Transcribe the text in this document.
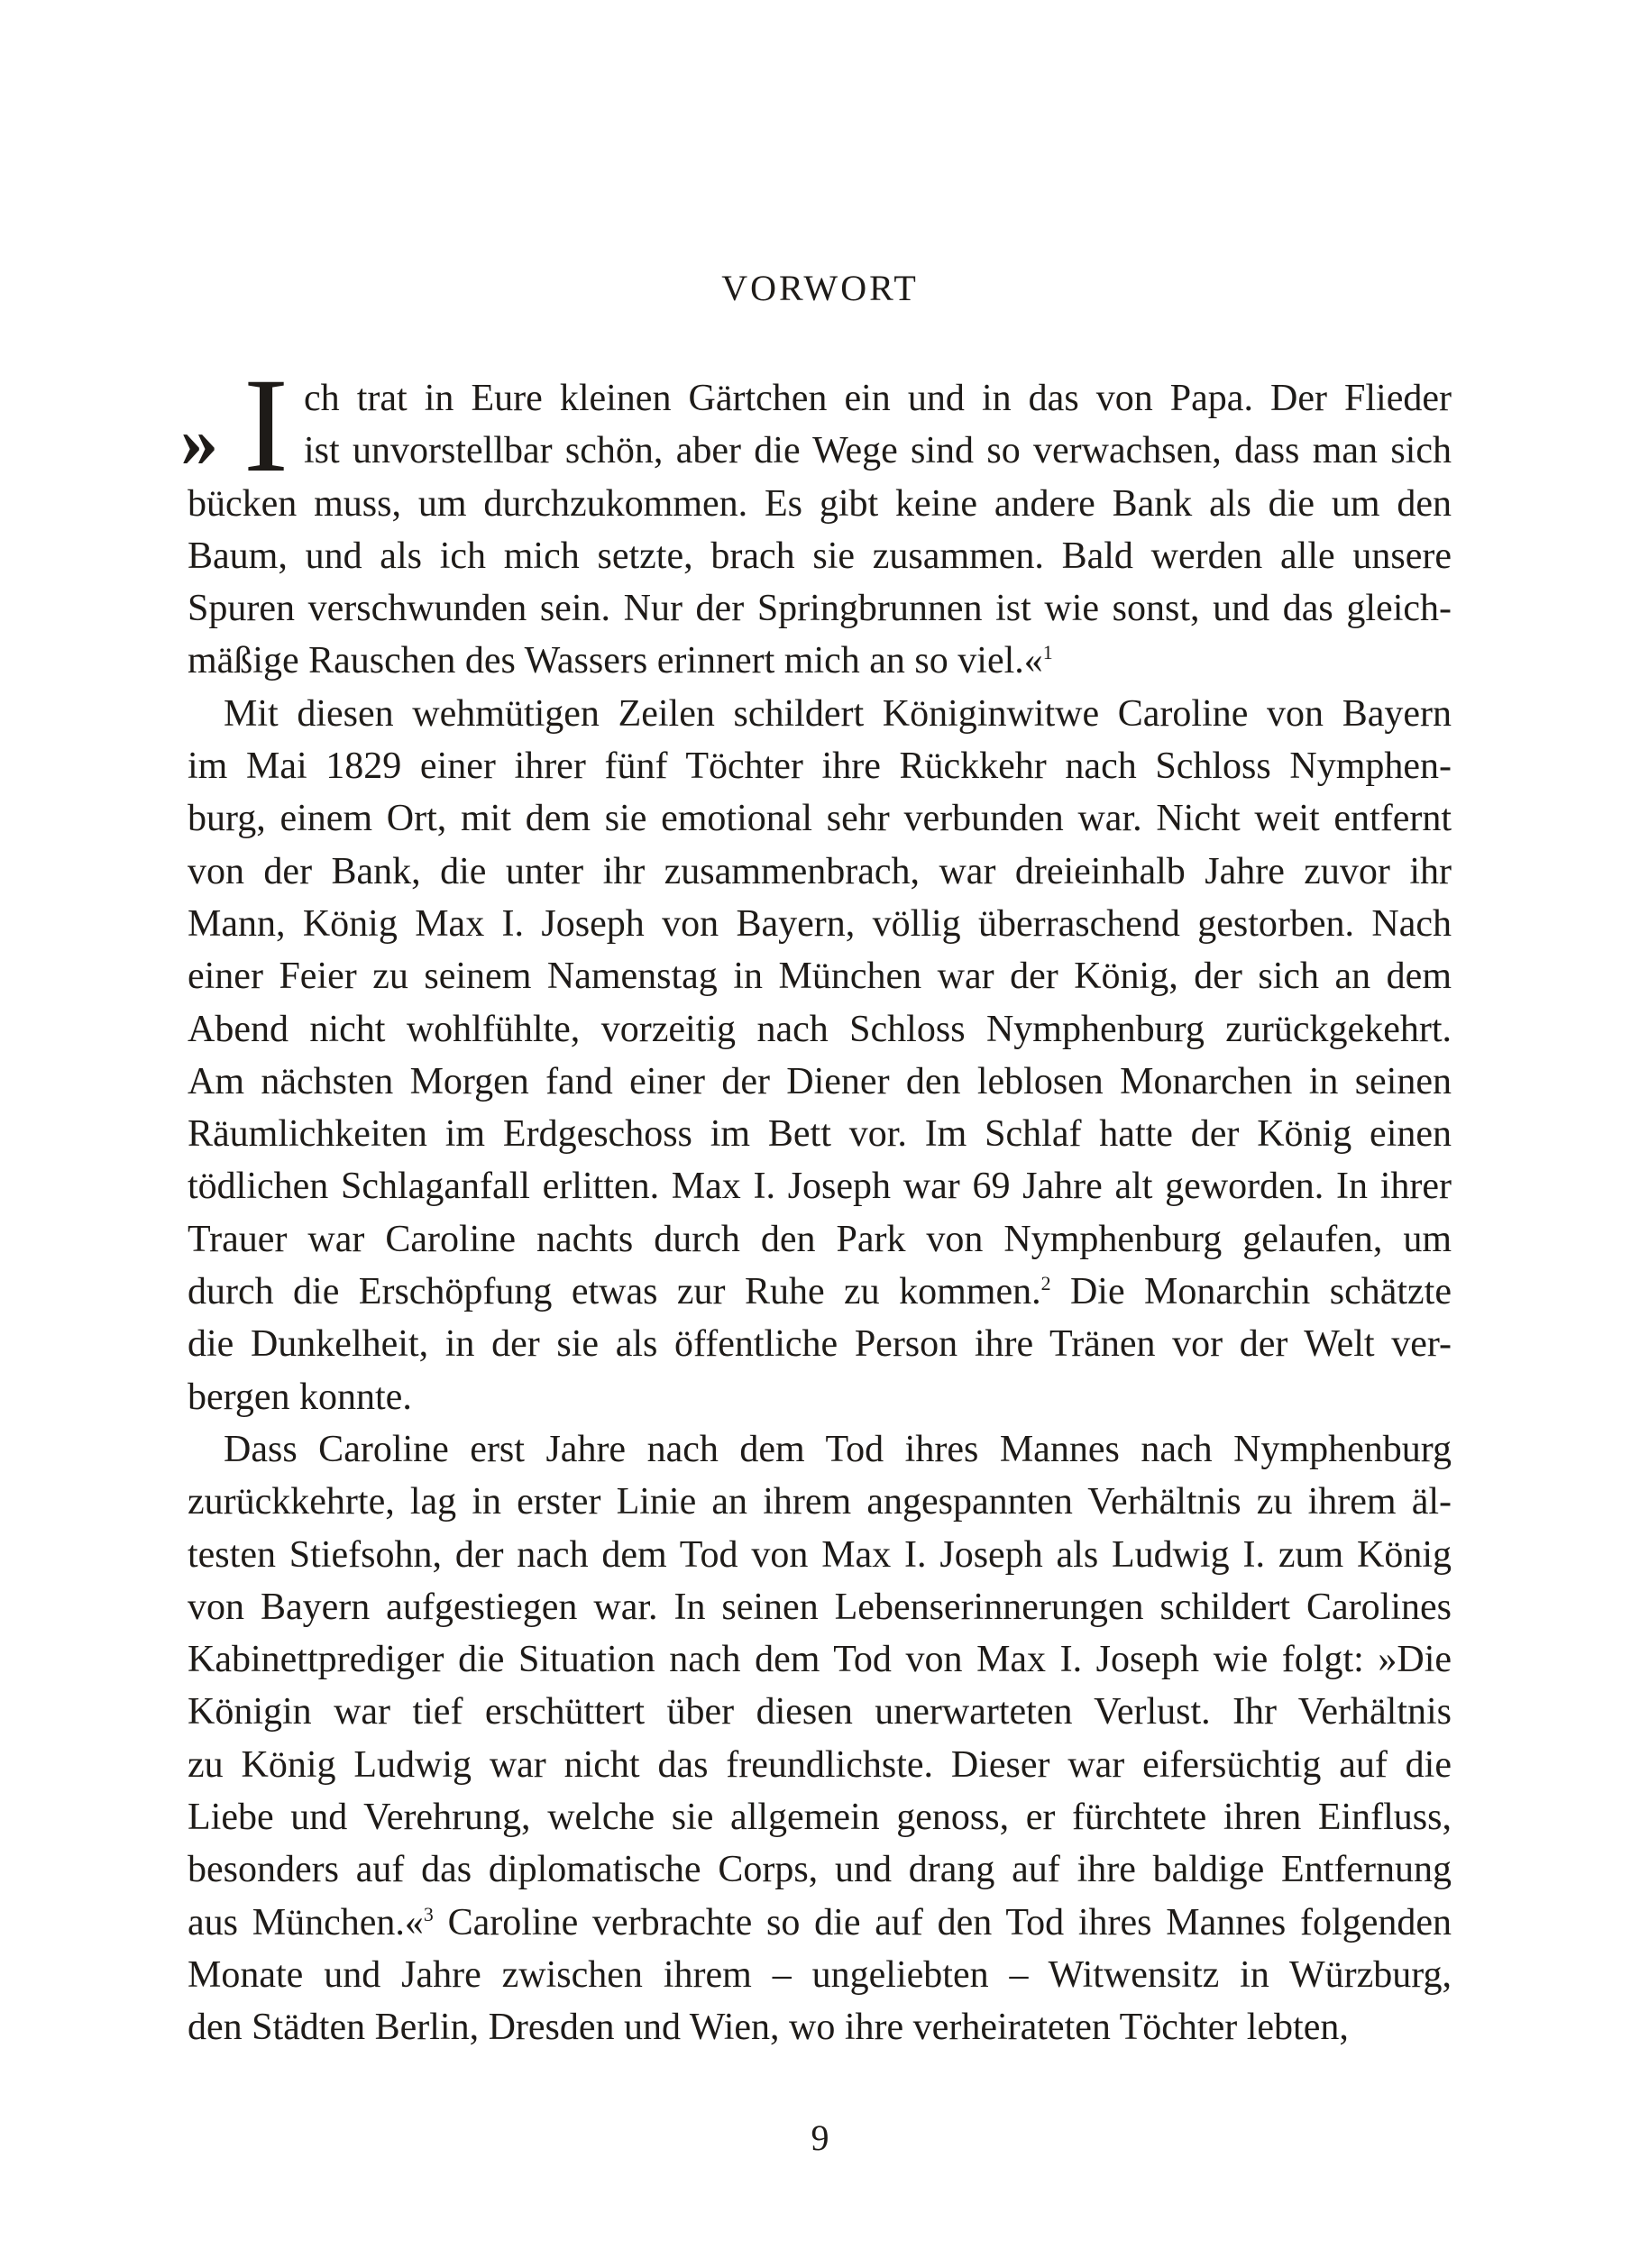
VORWORT
» I ch trat in Eure kleinen Gärtchen ein und in das von Papa. Der Flieder
ist unvorstellbar schön, aber die Wege sind so verwachsen, dass man sich
bücken muss, um durchzukommen. Es gibt keine andere Bank als die um den
Baum, und als ich mich setzte, brach sie zusammen. Bald werden alle unsere
Spuren verschwunden sein. Nur der Springbrunnen ist wie sonst, und das gleich-
mäßige Rauschen des Wassers erinnert mich an so viel.«$^1$
Mit diesen wehmütigen Zeilen schildert Königinwitwe Caroline von Bayern
im Mai 1829 einer ihrer fünf Töchter ihre Rückkehr nach Schloss Nymphen-
burg, einem Ort, mit dem sie emotional sehr verbunden war. Nicht weit entfernt
von der Bank, die unter ihr zusammenbrach, war dreieinhalb Jahre zuvor ihr
Mann, König Max I. Joseph von Bayern, völlig überraschend gestorben. Nach
einer Feier zu seinem Namenstag in München war der König, der sich an dem
Abend nicht wohlfühlte, vorzeitig nach Schloss Nymphenburg zurückgekehrt.
Am nächsten Morgen fand einer der Diener den leblosen Monarchen in seinen
Räumlichkeiten im Erdgeschoss im Bett vor. Im Schlaf hatte der König einen
tödlichen Schlaganfall erlitten. Max I. Joseph war 69 Jahre alt geworden. In ihrer
Trauer war Caroline nachts durch den Park von Nymphenburg gelaufen, um
durch die Erschöpfung etwas zur Ruhe zu kommen.$^2$ Die Monarchin schätzte
die Dunkelheit, in der sie als öffentliche Person ihre Tränen vor der Welt ver-
bergen konnte.
Dass Caroline erst Jahre nach dem Tod ihres Mannes nach Nymphenburg
zurückkehrte, lag in erster Linie an ihrem angespannten Verhältnis zu ihrem äl-
testen Stiefsohn, der nach dem Tod von Max I. Joseph als Ludwig I. zum König
von Bayern aufgestiegen war. In seinen Lebenserinnerungen schildert Carolines
Kabinettprediger die Situation nach dem Tod von Max I. Joseph wie folgt: »Die
Königin war tief erschüttert über diesen unerwarteten Verlust. Ihr Verhältnis
zu König Ludwig war nicht das freundlichste. Dieser war eifersüchtig auf die
Liebe und Verehrung, welche sie allgemein genoss, er fürchtete ihren Einfluss,
besonders auf das diplomatische Corps, und drang auf ihre baldige Entfernung
aus München.«$^3$ Caroline verbrachte so die auf den Tod ihres Mannes folgenden
Monate und Jahre zwischen ihrem – ungeliebten – Witwensitz in Würzburg,
den Städten Berlin, Dresden und Wien, wo ihre verheirateten Töchter lebten,
9
